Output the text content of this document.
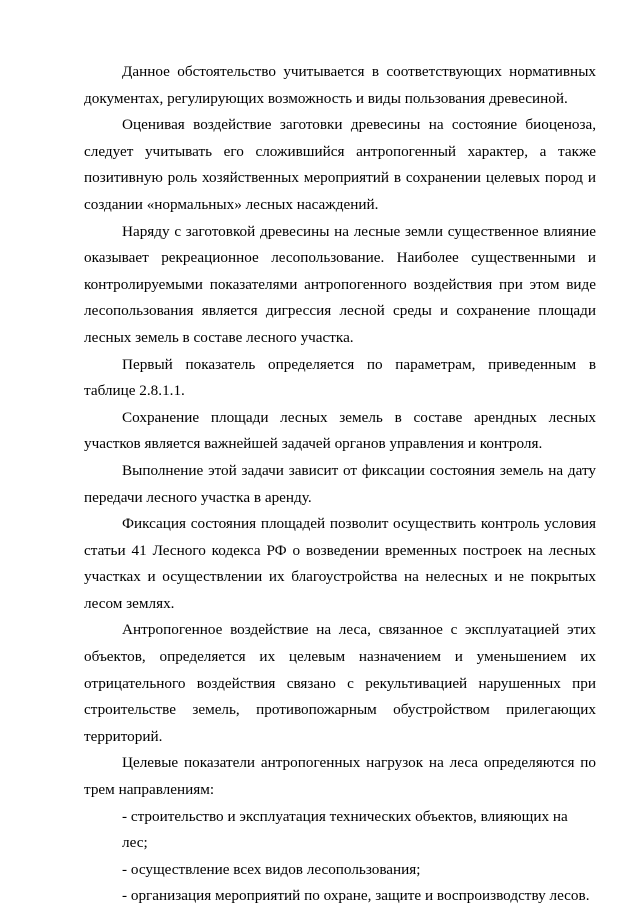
Данное обстоятельство учитывается в соответствующих нормативных документах, регулирующих возможность и виды пользования древесиной.

Оценивая воздействие заготовки древесины на состояние биоценоза, следует учитывать его сложившийся антропогенный характер, а также позитивную роль хозяйственных мероприятий в сохранении целевых пород и создании «нормальных» лесных насаждений.

Наряду с заготовкой древесины на лесные земли существенное влияние оказывает рекреационное лесопользование. Наиболее существенными и контролируемыми показателями антропогенного воздействия при этом виде лесопользования является дигрессия лесной среды и сохранение площади лесных земель в составе лесного участка.

Первый показатель определяется по параметрам, приведенным в таблице 2.8.1.1.

Сохранение площади лесных земель в составе арендных лесных участков является важнейшей задачей органов управления и контроля.

Выполнение этой задачи зависит от фиксации состояния земель на дату передачи лесного участка в аренду.

Фиксация состояния площадей позволит осуществить контроль условия статьи 41 Лесного кодекса РФ о возведении временных построек на лесных участках и осуществлении их благоустройства на нелесных и не покрытых лесом землях.

Антропогенное воздействие на леса, связанное с эксплуатацией этих объектов, определяется их целевым назначением и уменьшением их отрицательного воздействия связано с рекультивацией нарушенных при строительстве земель, противопожарным обустройством прилегающих территорий.

Целевые показатели антропогенных нагрузок на леса определяются по трем направлениям:

- строительство и эксплуатация технических объектов, влияющих на лес;

- осуществление всех видов лесопользования;

- организация мероприятий по охране, защите и воспроизводству лесов.
